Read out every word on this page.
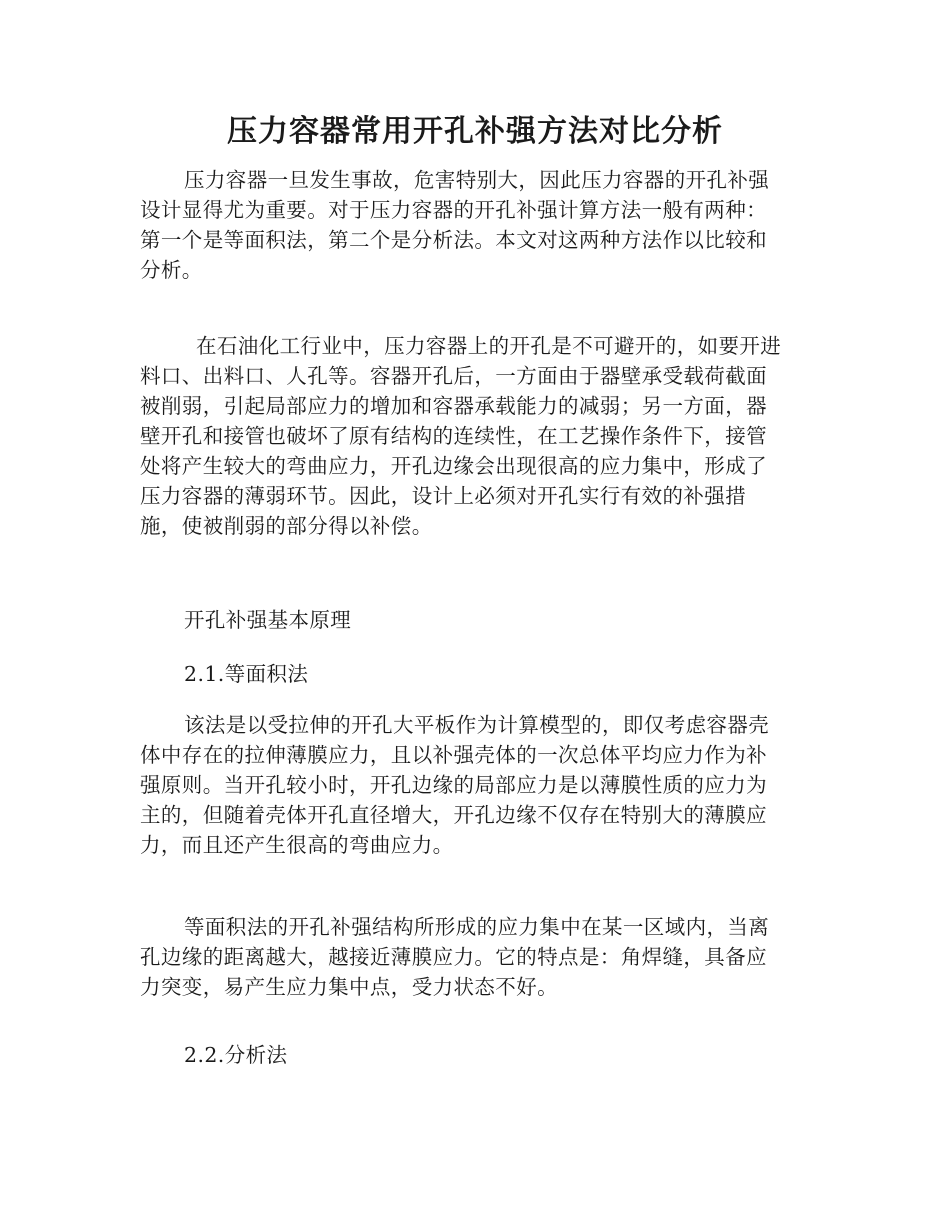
压力容器常用开孔补强方法对比分析
压力容器一旦发生事故，危害特别大，因此压力容器的开孔补强
设计显得尤为重要。对于压力容器的开孔补强计算方法一般有两种：
第一个是等面积法，第二个是分析法。本文对这两种方法作以比较和
分析。
在石油化工行业中，压力容器上的开孔是不可避开的，如要开进
料口、出料口、人孔等。容器开孔后，一方面由于器壁承受载荷截面
被削弱，引起局部应力的增加和容器承载能力的减弱；另一方面，器
壁开孔和接管也破坏了原有结构的连续性，在工艺操作条件下，接管
处将产生较大的弯曲应力，开孔边缘会出现很高的应力集中，形成了
压力容器的薄弱环节。因此，设计上必须对开孔实行有效的补强措
施，使被削弱的部分得以补偿。

开孔补强基本原理

2.1.等面积法

该法是以受拉伸的开孔大平板作为计算模型的，即仅考虑容器壳
体中存在的拉伸薄膜应力，且以补强壳体的一次总体平均应力作为补
强原则。当开孔较小时，开孔边缘的局部应力是以薄膜性质的应力为
主的，但随着壳体开孔直径增大，开孔边缘不仅存在特别大的薄膜应
力，而且还产生很高的弯曲应力。
等面积法的开孔补强结构所形成的应力集中在某一区域内，当离
孔边缘的距离越大，越接近薄膜应力。它的特点是：角焊缝，具备应
力突变，易产生应力集中点，受力状态不好。

2.2.分析法
